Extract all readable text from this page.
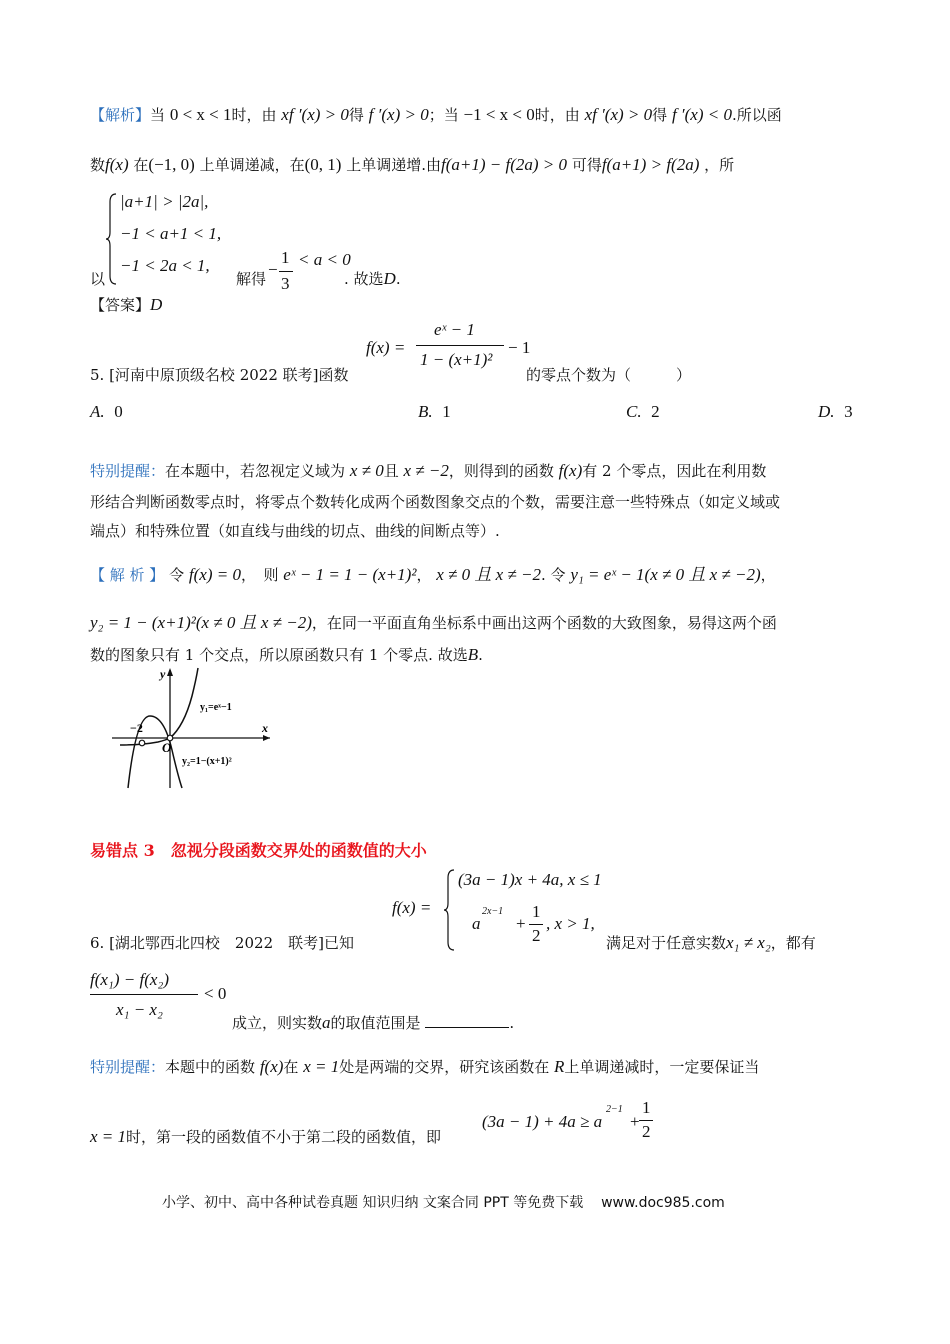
【解析】当 0 < x < 1时，由 xf ′(x) > 0得 f ′(x) > 0；当 −1 < x < 0时，由 xf ′(x) > 0得 f ′(x) < 0.所以函
数f(x) 在(−1, 0) 上单调递减，在(0, 1) 上单调递增.由f(a+1) − f(2a) > 0 可得f(a+1) > f(2a) ，所
以
|a+1| > |2a|,
−1 < a+1 < 1,
−1 < 2a < 1,
解得 −
1
3
< a < 0
. 故选D.
【答案】D
f(x) =
eˣ − 1
1 − (x+1)²
− 1
5. [河南中原顶级名校 2022 联考]函数	的零点个数为（　　　）
A. 0	B. 1	C. 2	D. 3
特别提醒：在本题中，若忽视定义域为 x ≠ 0且 x ≠ −2，则得到的函数 f(x)有 2 个零点，因此在利用数
形结合判断函数零点时，将零点个数转化成两个函数图象交点的个数，需要注意一些特殊点（如定义域或
端点）和特殊位置（如直线与曲线的切点、曲线的间断点等）.
【 解 析 】 令 f(x) = 0，　则 eˣ − 1 = 1 − (x+1)²， x ≠ 0 且 x ≠ −2. 令 y₁ = eˣ − 1(x ≠ 0 且 x ≠ −2)，
y₂ = 1 − (x+1)²(x ≠ 0 且 x ≠ −2)，在同一平面直角坐标系中画出这两个函数的大致图象，易得这两个函
数的图象只有 1 个交点，所以原函数只有 1 个零点. 故选B.
y
x
O
−2
y₁=eˣ−1
y₂=1−(x+1)²
易错点 3　忽视分段函数交界处的函数值的大小
f(x) =
(3a − 1)x + 4a, x ≤ 1
a
2x−1
+
1
2
, x > 1,
6. [湖北鄂西北四校　2022　联考]已知	满足对于任意实数x₁ ≠ x₂，都有
f(x₁) − f(x₂)
x₁ − x₂
< 0
成立，则实数a的取值范围是	.
特别提醒：本题中的函数 f(x)在 x = 1处是两端的交界，研究该函数在 R上单调递减时，一定要保证当
x = 1时，第一段的函数值不小于第二段的函数值，即
(3a − 1) + 4a ≥ a
2−1
+
1
2
小学、初中、高中各种试卷真题 知识归纳 文案合同 PPT 等免费下载 www.doc985.com
